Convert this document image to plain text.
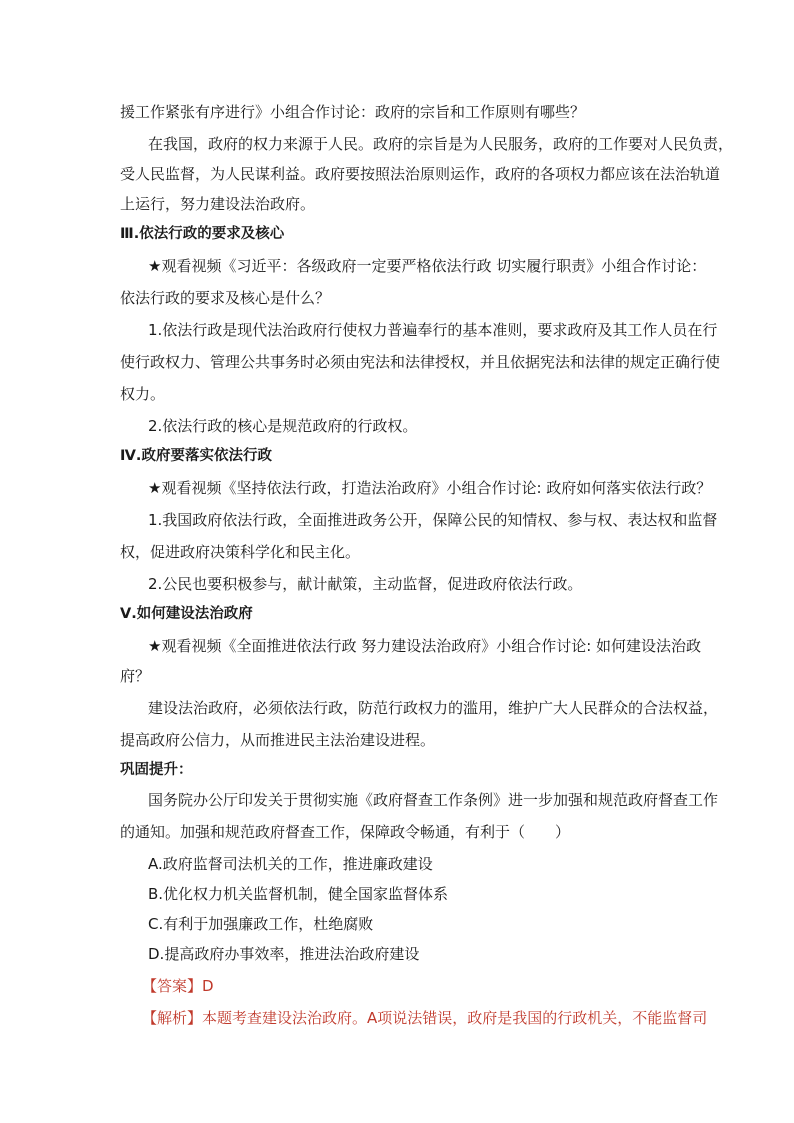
援工作紧张有序进行》小组合作讨论：政府的宗旨和工作原则有哪些？
在我国，政府的权力来源于人民。政府的宗旨是为人民服务，政府的工作要对人民负责，
受人民监督，为人民谋利益。政府要按照法治原则运作，政府的各项权力都应该在法治轨道
上运行，努力建设法治政府。
Ⅲ.依法行政的要求及核心
★观看视频《习近平：各级政府一定要严格依法行政 切实履行职责》小组合作讨论：
依法行政的要求及核心是什么？
1.依法行政是现代法治政府行使权力普遍奉行的基本准则，要求政府及其工作人员在行
使行政权力、管理公共事务时必须由宪法和法律授权，并且依据宪法和法律的规定正确行使
权力。
2.依法行政的核心是规范政府的行政权。
Ⅳ.政府要落实依法行政
★观看视频《坚持依法行政，打造法治政府》小组合作讨论: 政府如何落实依法行政？
1.我国政府依法行政，全面推进政务公开，保障公民的知情权、参与权、表达权和监督
权，促进政府决策科学化和民主化。
2.公民也要积极参与，献计献策，主动监督，促进政府依法行政。
Ⅴ.如何建设法治政府
★观看视频《全面推进依法行政 努力建设法治政府》小组合作讨论: 如何建设法治政
府？
建设法治政府，必须依法行政，防范行政权力的滥用，维护广大人民群众的合法权益，
提高政府公信力，从而推进民主法治建设进程。
巩固提升：
国务院办公厅印发关于贯彻实施《政府督查工作条例》进一步加强和规范政府督查工作
的通知。加强和规范政府督查工作，保障政令畅通，有利于（　　）
A.政府监督司法机关的工作，推进廉政建设
B.优化权力机关监督机制，健全国家监督体系
C.有利于加强廉政工作，杜绝腐败
D.提高政府办事效率，推进法治政府建设
【答案】D
【解析】本题考查建设法治政府。A项说法错误，政府是我国的行政机关，不能监督司
